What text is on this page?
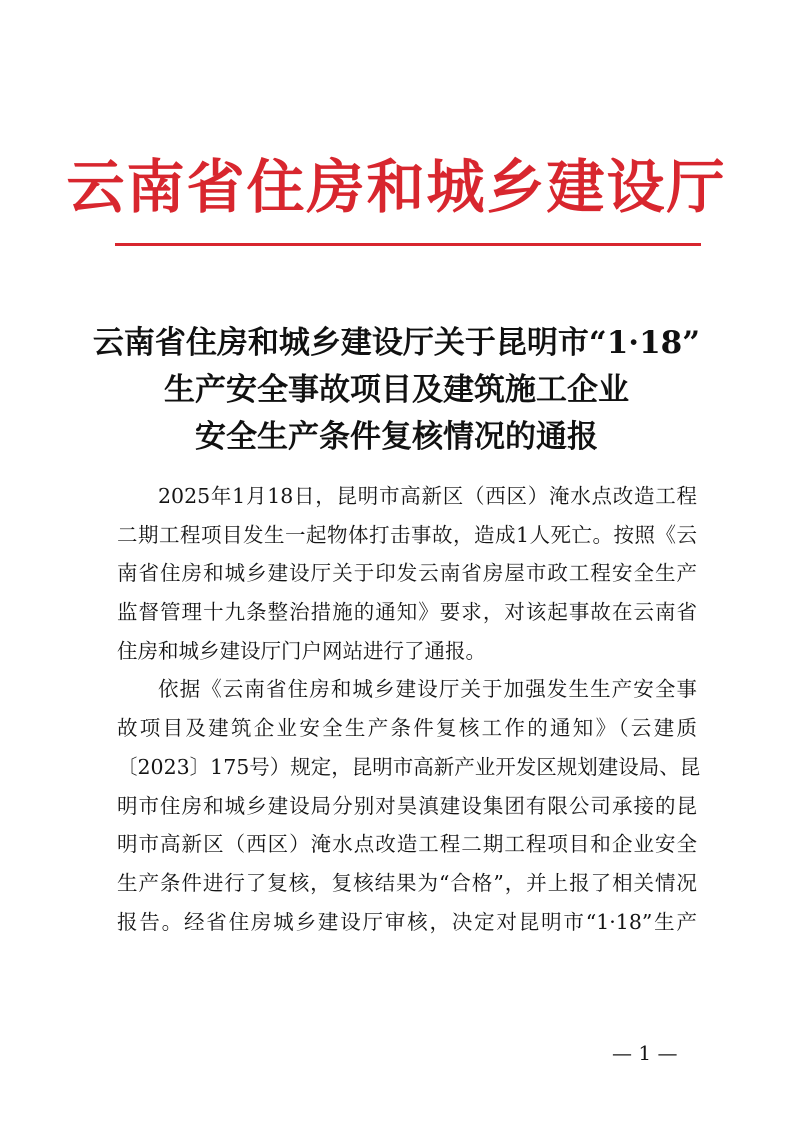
云南省住房和城乡建设厅
云南省住房和城乡建设厅关于昆明市“1·18”
生产安全事故项目及建筑施工企业
安全生产条件复核情况的通报
2025年1月18日，昆明市高新区（西区）淹水点改造工程
二期工程项目发生一起物体打击事故，造成1人死亡。按照《云
南省住房和城乡建设厅关于印发云南省房屋市政工程安全生产
监督管理十九条整治措施的通知》要求，对该起事故在云南省
住房和城乡建设厅门户网站进行了通报。
依据《云南省住房和城乡建设厅关于加强发生生产安全事
故项目及建筑企业安全生产条件复核工作的通知》（云建质
〔2023〕175号）规定，昆明市高新产业开发区规划建设局、昆
明市住房和城乡建设局分别对昊滇建设集团有限公司承接的昆
明市高新区（西区）淹水点改造工程二期工程项目和企业安全
生产条件进行了复核，复核结果为“合格”，并上报了相关情况
报告。经省住房城乡建设厅审核，决定对昆明市“1·18”生产
— 1 —
